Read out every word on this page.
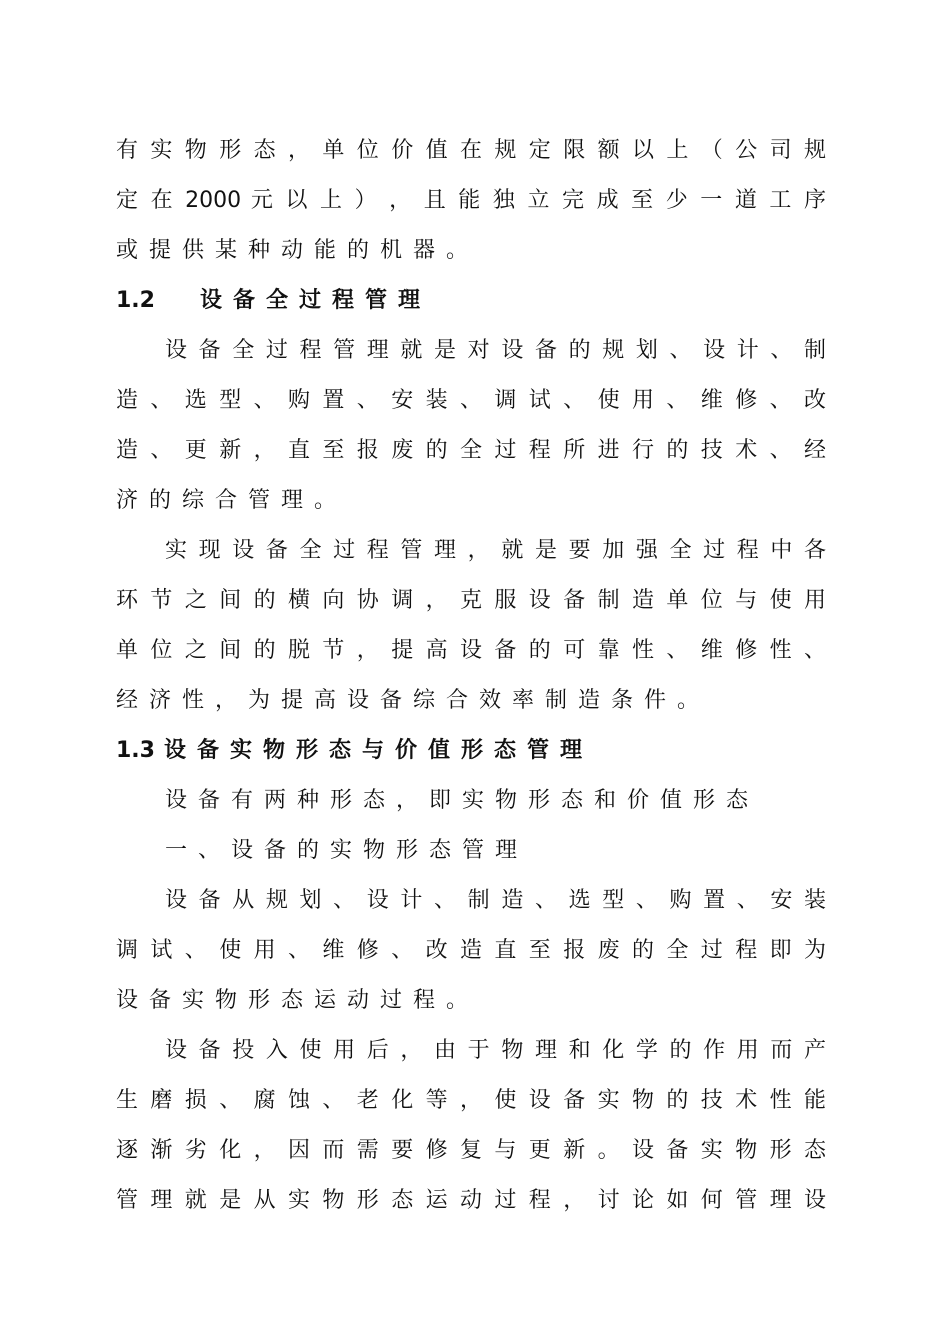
有 实 物 形 态 ， 单 位 价 值 在 规 定 限 额 以 上 （ 公 司 规
定 在 2000 元 以 上 ） ， 且 能 独 立 完 成 至 少 一 道 工 序
或提供某种动能的机器。
1.2 设备全过程管理
设 备 全 过 程 管 理 就 是 对 设 备 的 规 划 、 设 计 、 制
造 、 选 型 、 购 置 、 安 装 、 调 试 、 使 用 、 维 修 、 改
造 、 更 新 ， 直 至 报 废 的 全 过 程 所 进 行 的 技 术 、 经
济的综合管理。
实 现 设 备 全 过 程 管 理 ， 就 是 要 加 强 全 过 程 中 各
环 节 之 间 的 横 向 协 调 ， 克 服 设 备 制 造 单 位 与 使 用
单 位 之 间 的 脱 节 ， 提 高 设 备 的 可 靠 性 、 维 修 性 、
经济性，为提高设备综合效率制造条件。
1.3 设备实物形态与价值形态管理
设备有两种形态，即实物形态和价值形态
一、设备的实物形态管理
设 备 从 规 划 、 设 计 、 制 造 、 选 型 、 购 置 、 安 装
调 试 、 使 用 、 维 修 、 改 造 直 至 报 废 的 全 过 程 即 为
设备实物形态运动过程。
设 备 投 入 使 用 后 ， 由 于 物 理 和 化 学 的 作 用 而 产
生 磨 损 、 腐 蚀 、 老 化 等 ， 使 设 备 实 物 的 技 术 性 能
逐 渐 劣 化 ， 因 而 需 要 修 复 与 更 新 。 设 备 实 物 形 态
管 理 就 是 从 实 物 形 态 运 动 过 程 ， 讨 论 如 何 管 理 设
